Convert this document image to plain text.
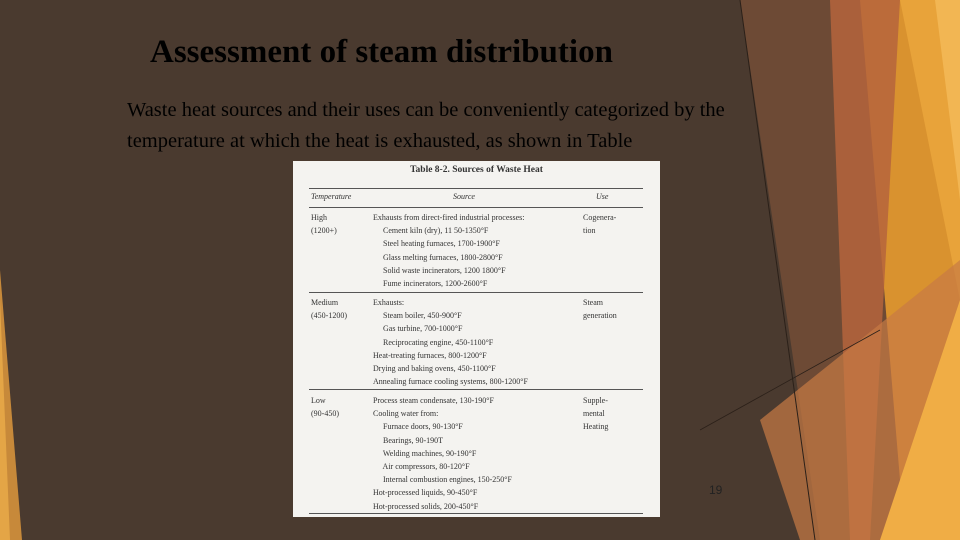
Assessment of steam distribution
Waste heat sources and their uses can be conveniently categorized by the temperature at which the heat is exhausted, as shown in Table
Table 8-2. Sources of Waste Heat
Temperature	Source	Use
High
(1200+)
Exhausts from direct-fired industrial processes:
Cement kiln (dry), 11 50-1350°F
Steel heating furnaces, 1700-1900°F
Glass melting furnaces, 1800-2800°F
Solid waste incinerators, 1200 1800°F
Fume incinerators, 1200-2600°F
Cogenera-
tion
Medium
(450-1200)
Exhausts:
Steam boiler, 450-900°F
Gas turbine, 700-1000°F
Reciprocating engine, 450-1100°F
Heat-treating furnaces, 800-1200°F
Drying and baking ovens, 450-1100°F
Annealing furnace cooling systems, 800-1200°F
Steam
generation
Low
(90-450)
Process steam condensate, 130-190°F
Cooling water from:
Furnace doors, 90-130°F
Bearings, 90-190T
Welding machines, 90-190°F
Air compressors, 80-120°F
Internal combustion engines, 150-250°F
Hot-processed liquids, 90-450°F
Hot-processed solids, 200-450°F
Supple-
mental
Heating
19
